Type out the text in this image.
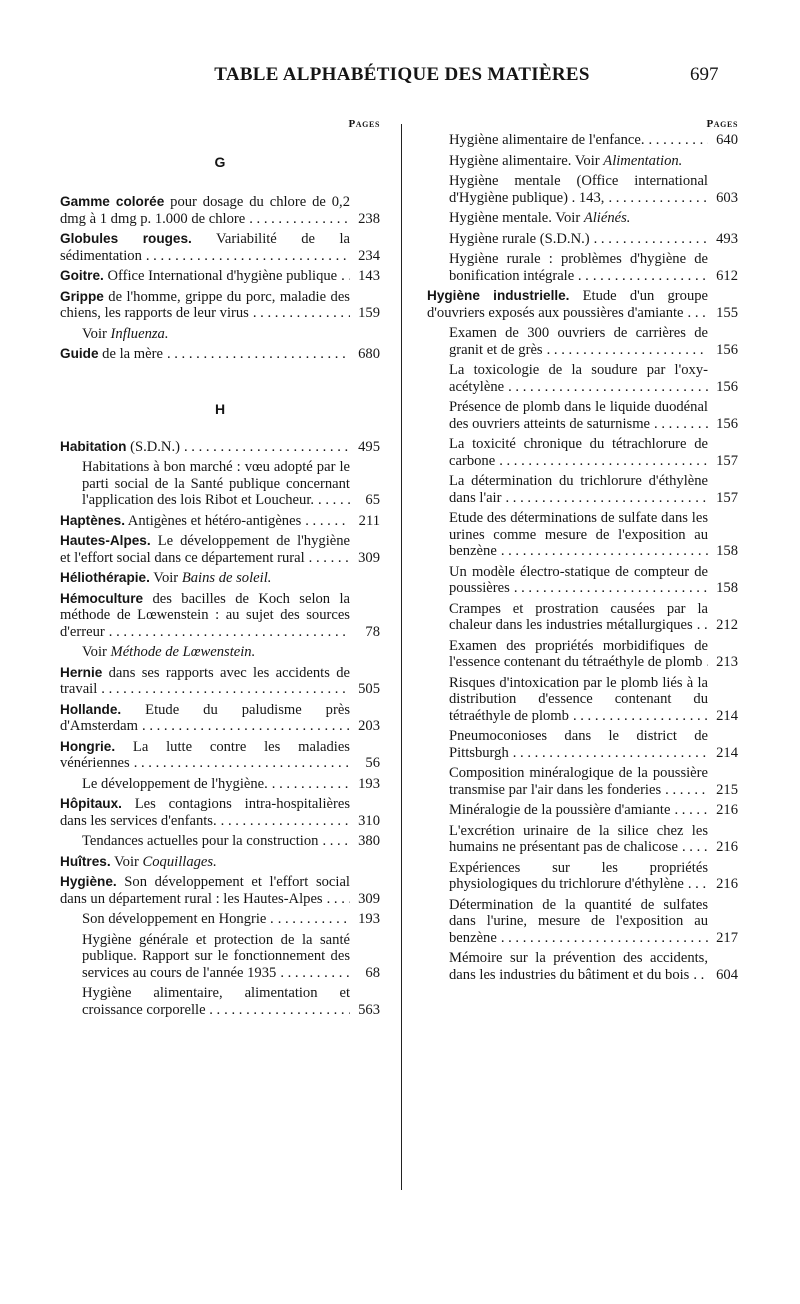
TABLE ALPHABÉTIQUE DES MATIÈRES	697
Pages
G
Gamme colorée pour dosage du chlore de 0,2 dmg à 1 dmg p. 1.000 de chlore . . .	238
Globules rouges. Variabilité de la sédimentation . . .	234
Goitre. Office International d'hygiène publique . . .	143
Grippe de l'homme, grippe du porc, maladie des chiens, les rapports de leur virus . . .	159
Voir Influenza.
Guide de la mère . . .	680
H
Habitation (S.D.N.) . . .	495
Habitations à bon marché : vœu adopté par le parti social de la Santé publique concernant l'application des lois Ribot et Loucheur. . . .	65
Haptènes. Antigènes et hétéro-antigènes . . .	211
Hautes-Alpes. Le développement de l'hygiène et l'effort social dans ce département rural . . .	309
Héliothérapie. Voir Bains de soleil.
Hémoculture des bacilles de Koch selon la méthode de Lœwenstein : au sujet des sources d'erreur . . .	78
Voir Méthode de Lœwenstein.
Hernie dans ses rapports avec les accidents de travail . . .	505
Hollande. Etude du paludisme près d'Amsterdam . . .	203
Hongrie. La lutte contre les maladies vénériennes . . .	56
Le développement de l'hygiène. . . .	193
Hôpitaux. Les contagions intra-hospitalières dans les services d'enfants. . . .	310
Tendances actuelles pour la construction . . .	380
Huîtres. Voir Coquillages.
Hygiène. Son développement et l'effort social dans un département rural : les Hautes-Alpes . . .	309
Son développement en Hongrie . . . .	193
Hygiène générale et protection de la santé publique. Rapport sur le fonctionnement des services au cours de l'année 1935 . . .	68
Hygiène alimentaire, alimentation et croissance corporelle . . . . .	563
Pages
Hygiène alimentaire de l'enfance. . . .	640
Hygiène alimentaire. Voir Alimentation.
Hygiène mentale (Office international d'Hygiène publique) . 143, . . .	603
Hygiène mentale. Voir Aliénés.
Hygiène rurale (S.D.N.) . . .	493
Hygiène rurale : problèmes d'hygiène de bonification intégrale . . . . .	612
Hygiène industrielle. Etude d'un groupe d'ouvriers exposés aux poussières d'amiante . . .	155
Examen de 300 ouvriers de carrières de granit et de grès . . .	156
La toxicologie de la soudure par l'oxy-acétylène . . .	156
Présence de plomb dans le liquide duodénal des ouvriers atteints de saturnisme . . .	156
La toxicité chronique du tétrachlorure de carbone . . .	157
La détermination du trichlorure d'éthylène dans l'air . . .	157
Etude des déterminations de sulfate dans les urines comme mesure de l'exposition au benzène . . .	158
Un modèle électro-statique de compteur de poussières . . .	158
Crampes et prostration causées par la chaleur dans les industries métallurgiques . . .	212
Examen des propriétés morbidifiques de l'essence contenant du tétraéthyle de plomb . . . 213
Risques d'intoxication par le plomb liés à la distribution d'essence contenant du tétraéthyle de plomb . . .	214
Pneumoconioses dans le district de Pittsburgh . . .	214
Composition minéralogique de la poussière transmise par l'air dans les fonderies . . .	215
Minéralogie de la poussière d'amiante . . .	216
L'excrétion urinaire de la silice chez les humains ne présentant pas de chalicose . . .	216
Expériences sur les propriétés physiologiques du trichlorure d'éthylène . . .	216
Détermination de la quantité de sulfates dans l'urine, mesure de l'exposition au benzène . . .	217
Mémoire sur la prévention des accidents, dans les industries du bâtiment et du bois . . .	604
